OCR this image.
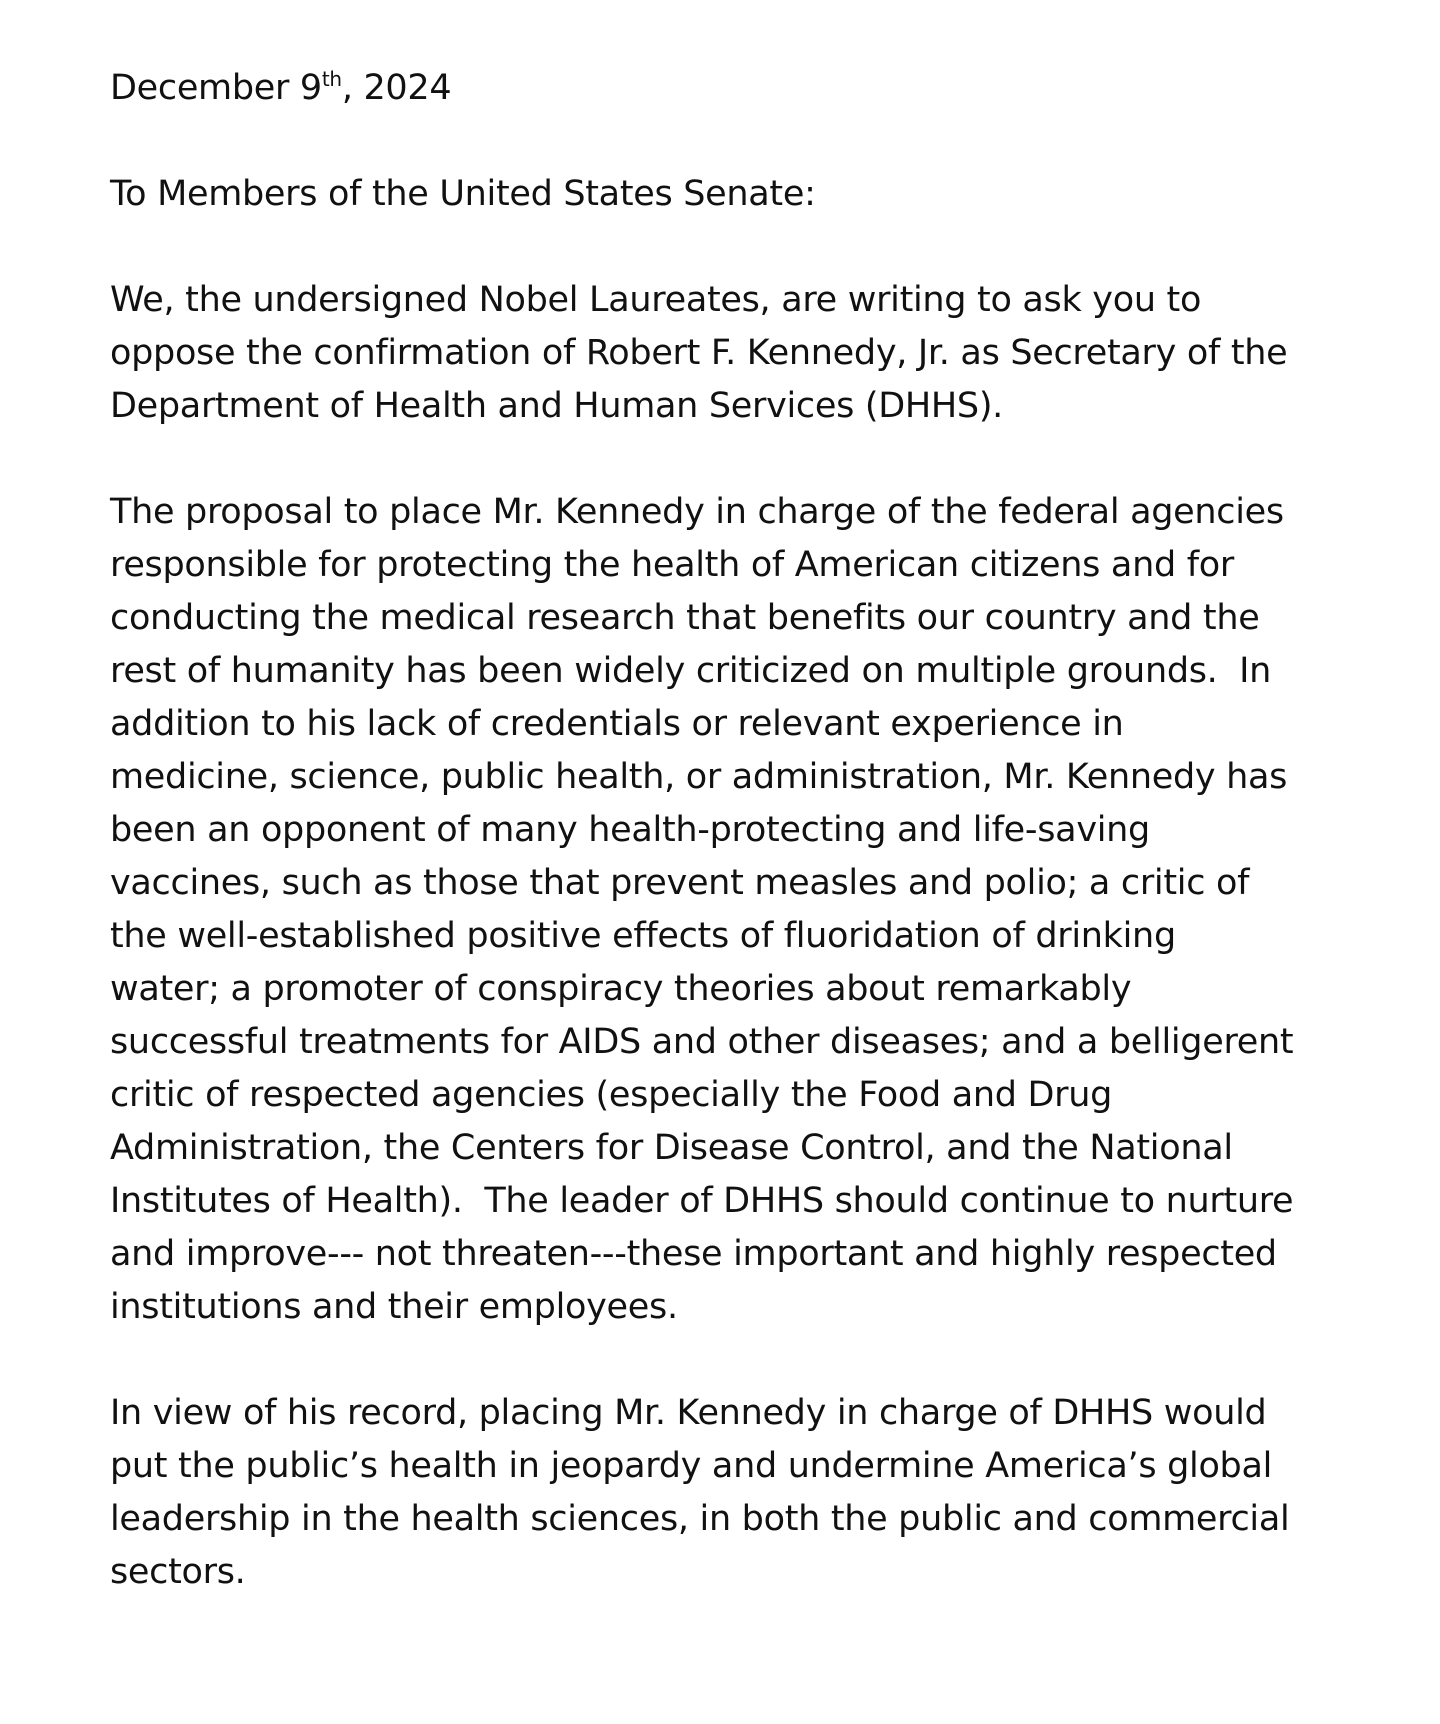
December 9th, 2024

To Members of the United States Senate:

We, the undersigned Nobel Laureates, are writing to ask you to
oppose the confirmation of Robert F. Kennedy, Jr. as Secretary of the
Department of Health and Human Services (DHHS).
The proposal to place Mr. Kennedy in charge of the federal agencies
responsible for protecting the health of American citizens and for
conducting the medical research that benefits our country and the
rest of humanity has been widely criticized on multiple grounds.  In
addition to his lack of credentials or relevant experience in
medicine, science, public health, or administration, Mr. Kennedy has
been an opponent of many health-protecting and life-saving
vaccines, such as those that prevent measles and polio; a critic of
the well-established positive effects of fluoridation of drinking
water; a promoter of conspiracy theories about remarkably
successful treatments for AIDS and other diseases; and a belligerent
critic of respected agencies (especially the Food and Drug
Administration, the Centers for Disease Control, and the National
Institutes of Health).  The leader of DHHS should continue to nurture
and improve--- not threaten---these important and highly respected
institutions and their employees.
In view of his record, placing Mr. Kennedy in charge of DHHS would
put the public’s health in jeopardy and undermine America’s global
leadership in the health sciences, in both the public and commercial
sectors.
